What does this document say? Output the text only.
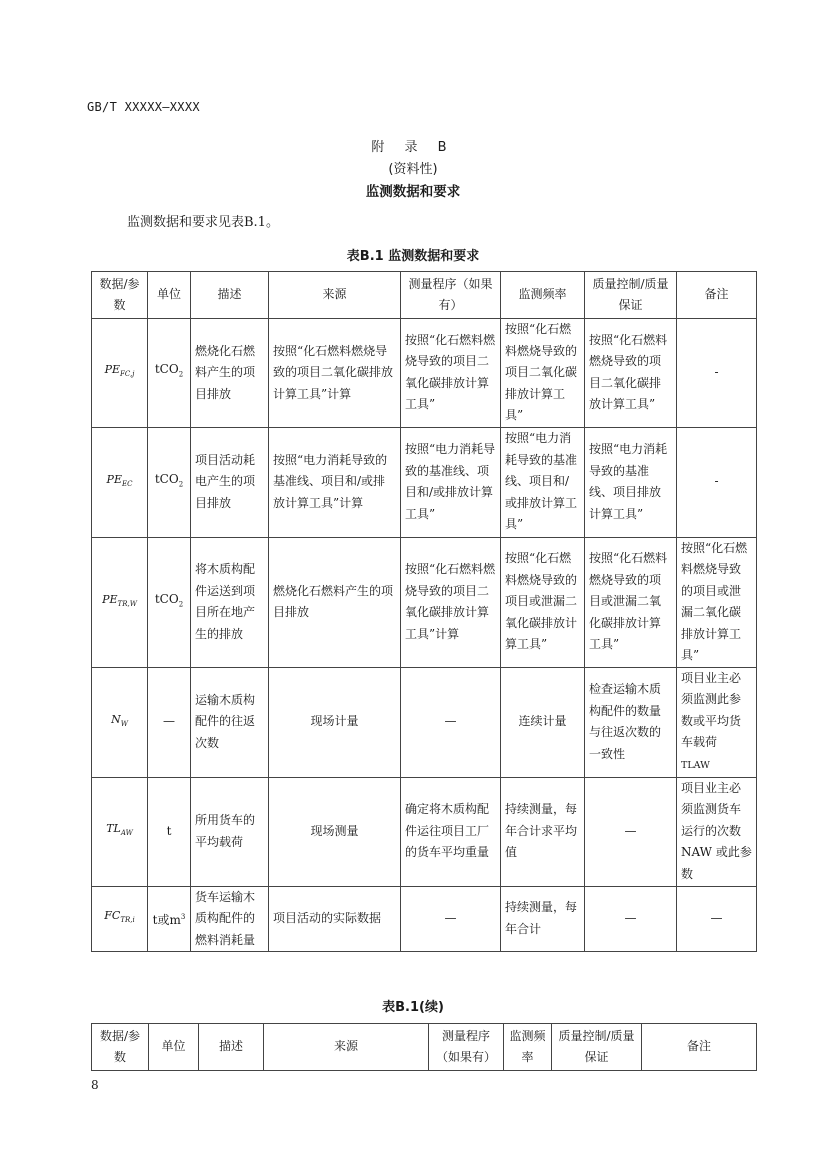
GB/T XXXXX—XXXX
附 录 B
(资料性)
监测数据和要求
监测数据和要求见表B.1。
表B.1 监测数据和要求
数据/参数	单位	描述	来源	测量程序（如果有）	监测频率	质量控制/质量保证	备注
$PE_{FC,j}$	tCO$_2$	燃烧化石燃料产生的项目排放	按照“化石燃料燃烧导致的项目二氧化碳排放计算工具”计算	按照“化石燃料燃烧导致的项目二氧化碳排放计算工具”	按照“化石燃料燃烧导致的项目二氧化碳排放计算工具”	按照“化石燃料燃烧导致的项目二氧化碳排放计算工具”	-
$PE_{EC}$	tCO$_2$	项目活动耗电产生的项目排放	按照“电力消耗导致的基准线、项目和/或排放计算工具”计算	按照“电力消耗导致的基准线、项目和/或排放计算工具”	按照“电力消耗导致的基准线、项目和/或排放计算工具”	按照“电力消耗导致的基准线、项目排放计算工具”	-
$PE_{TR,W}$	tCO$_2$	将木质构配件运送到项目所在地产生的排放	燃烧化石燃料产生的项目排放	按照“化石燃料燃烧导致的项目二氧化碳排放计算工具”计算	按照“化石燃料燃烧导致的项目或泄漏二氧化碳排放计算工具”	按照“化石燃料燃烧导致的项目或泄漏二氧化碳排放计算工具”	按照“化石燃料燃烧导致的项目或泄漏二氧化碳排放计算工具”
$N_W$	—	运输木质构配件的往返次数	现场计量	—	连续计量	检查运输木质构配件的数量与往返次数的一致性	项目业主必须监测此参数或平均货车载荷
TLAW
$TL_{AW}$	t	所用货车的平均载荷	现场测量	确定将木质构配件运往项目工厂的货车平均重量	持续测量，每年合计求平均值	—	项目业主必须监测货车运行的次数NAW 或此参数
$FC_{TR,i}$	t或$m^3$	货车运输木质构配件的燃料消耗量	项目活动的实际数据	—	持续测量，每年合计	—	—
表B.1(续)
数据/参数	单位	描述	来源	测量程序（如果有）	监测频率	质量控制/质量保证	备注
8
